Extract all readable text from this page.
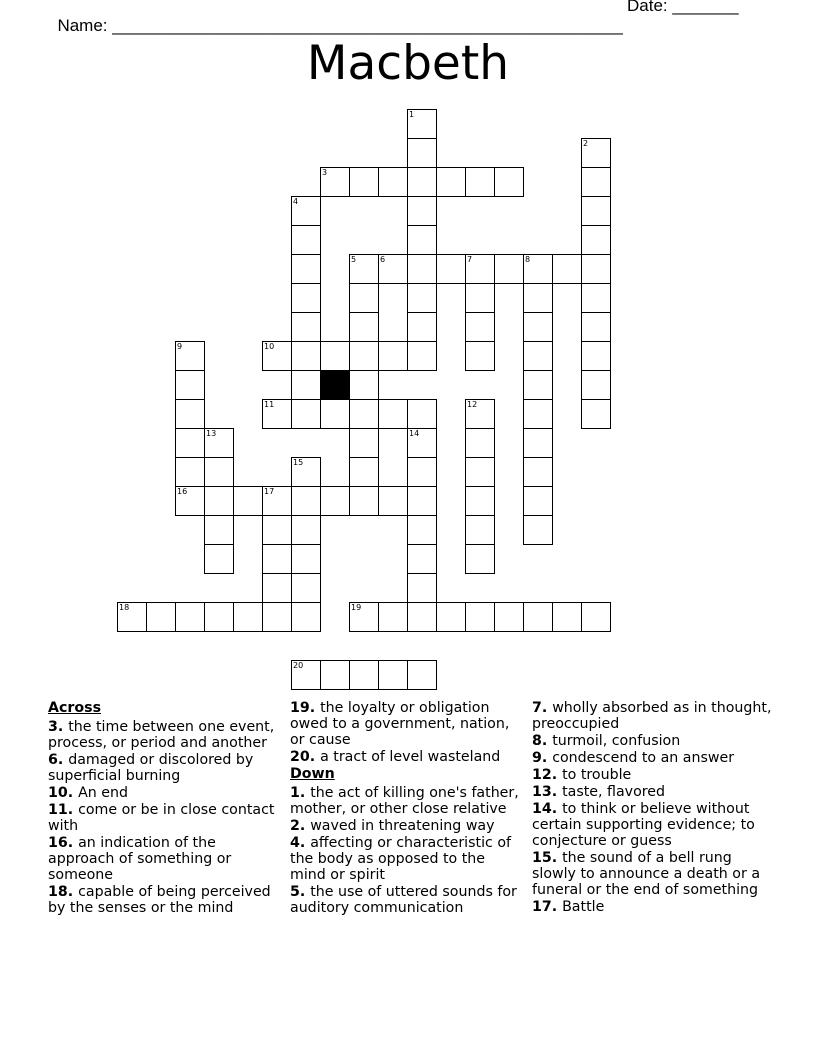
Name: ______________________________________________________

Date: _______

Macbeth
1
2
3
4
5	6	7	8
9	10
11	12
13	14
15
16	17
18	19
20
Across
3. the time between one event, process, or period and another
6. damaged or discolored by superficial burning
10. An end
11. come or be in close contact with
16. an indication of the approach of something or someone
18. capable of being perceived by the senses or the mind
19. the loyalty or obligation owed to a government, nation, or cause
20. a tract of level wasteland
Down
1. the act of killing one's father, mother, or other close relative
2. waved in threatening way
4. affecting or characteristic of the body as opposed to the mind or spirit
5. the use of uttered sounds for auditory communication
7. wholly absorbed as in thought, preoccupied
8. turmoil, confusion
9. condescend to an answer
12. to trouble
13. taste, flavored
14. to think or believe without certain supporting evidence; to conjecture or guess
15. the sound of a bell rung slowly to announce a death or a funeral or the end of something
17. Battle
